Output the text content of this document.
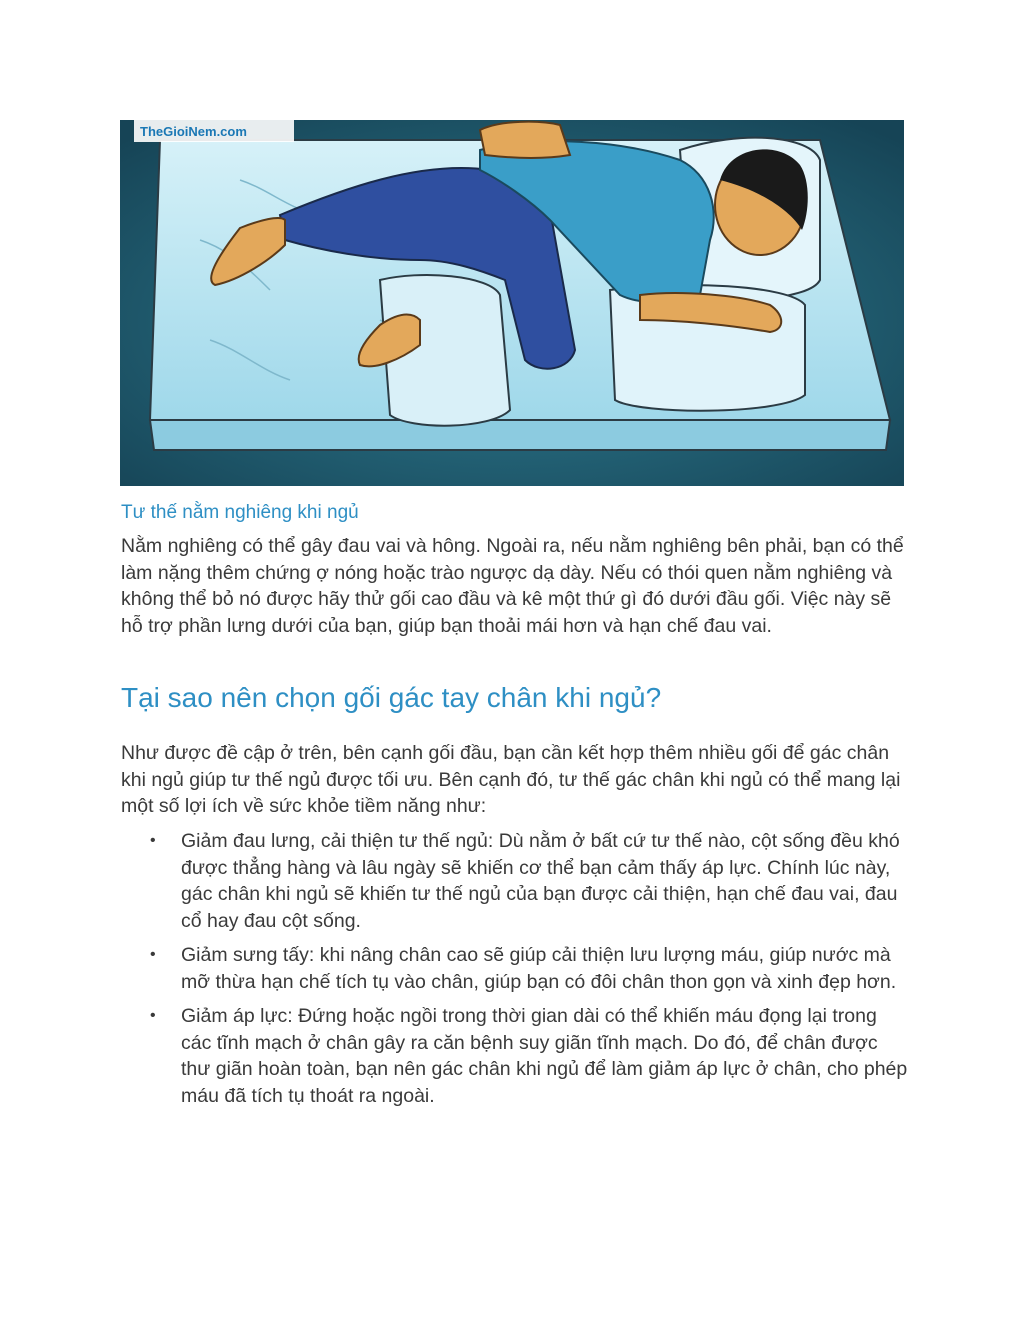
TheGioiNem.com
Tư thế nằm nghiêng khi ngủ

Nằm nghiêng có thể gây đau vai và hông. Ngoài ra, nếu nằm nghiêng bên phải, bạn có thể làm nặng thêm chứng ợ nóng hoặc trào ngược dạ dày. Nếu có thói quen nằm nghiêng và không thể bỏ nó được hãy thử gối cao đầu và kê một thứ gì đó dưới đầu gối. Việc này sẽ hỗ trợ phần lưng dưới của bạn, giúp bạn thoải mái hơn và hạn chế đau vai.

Tại sao nên chọn gối gác tay chân khi ngủ?

Như được đề cập ở trên, bên cạnh gối đầu, bạn cần kết hợp thêm nhiều gối để gác chân khi ngủ giúp tư thế ngủ được tối ưu. Bên cạnh đó, tư thế gác chân khi ngủ có thể mang lại một số lợi ích về sức khỏe tiềm năng như:

• Giảm đau lưng, cải thiện tư thế ngủ: Dù nằm ở bất cứ tư thế nào, cột sống đều khó được thẳng hàng và lâu ngày sẽ khiến cơ thể bạn cảm thấy áp lực. Chính lúc này, gác chân khi ngủ sẽ khiến tư thế ngủ của bạn được cải thiện, hạn chế đau vai, đau cổ hay đau cột sống.
• Giảm sưng tấy: khi nâng chân cao sẽ giúp cải thiện lưu lượng máu, giúp nước mà mỡ thừa hạn chế tích tụ vào chân, giúp bạn có đôi chân thon gọn và xinh đẹp hơn.
• Giảm áp lực: Đứng hoặc ngồi trong thời gian dài có thể khiến máu đọng lại trong các tĩnh mạch ở chân gây ra căn bệnh suy giãn tĩnh mạch. Do đó, để chân được thư giãn hoàn toàn, bạn nên gác chân khi ngủ để làm giảm áp lực ở chân, cho phép máu đã tích tụ thoát ra ngoài.
